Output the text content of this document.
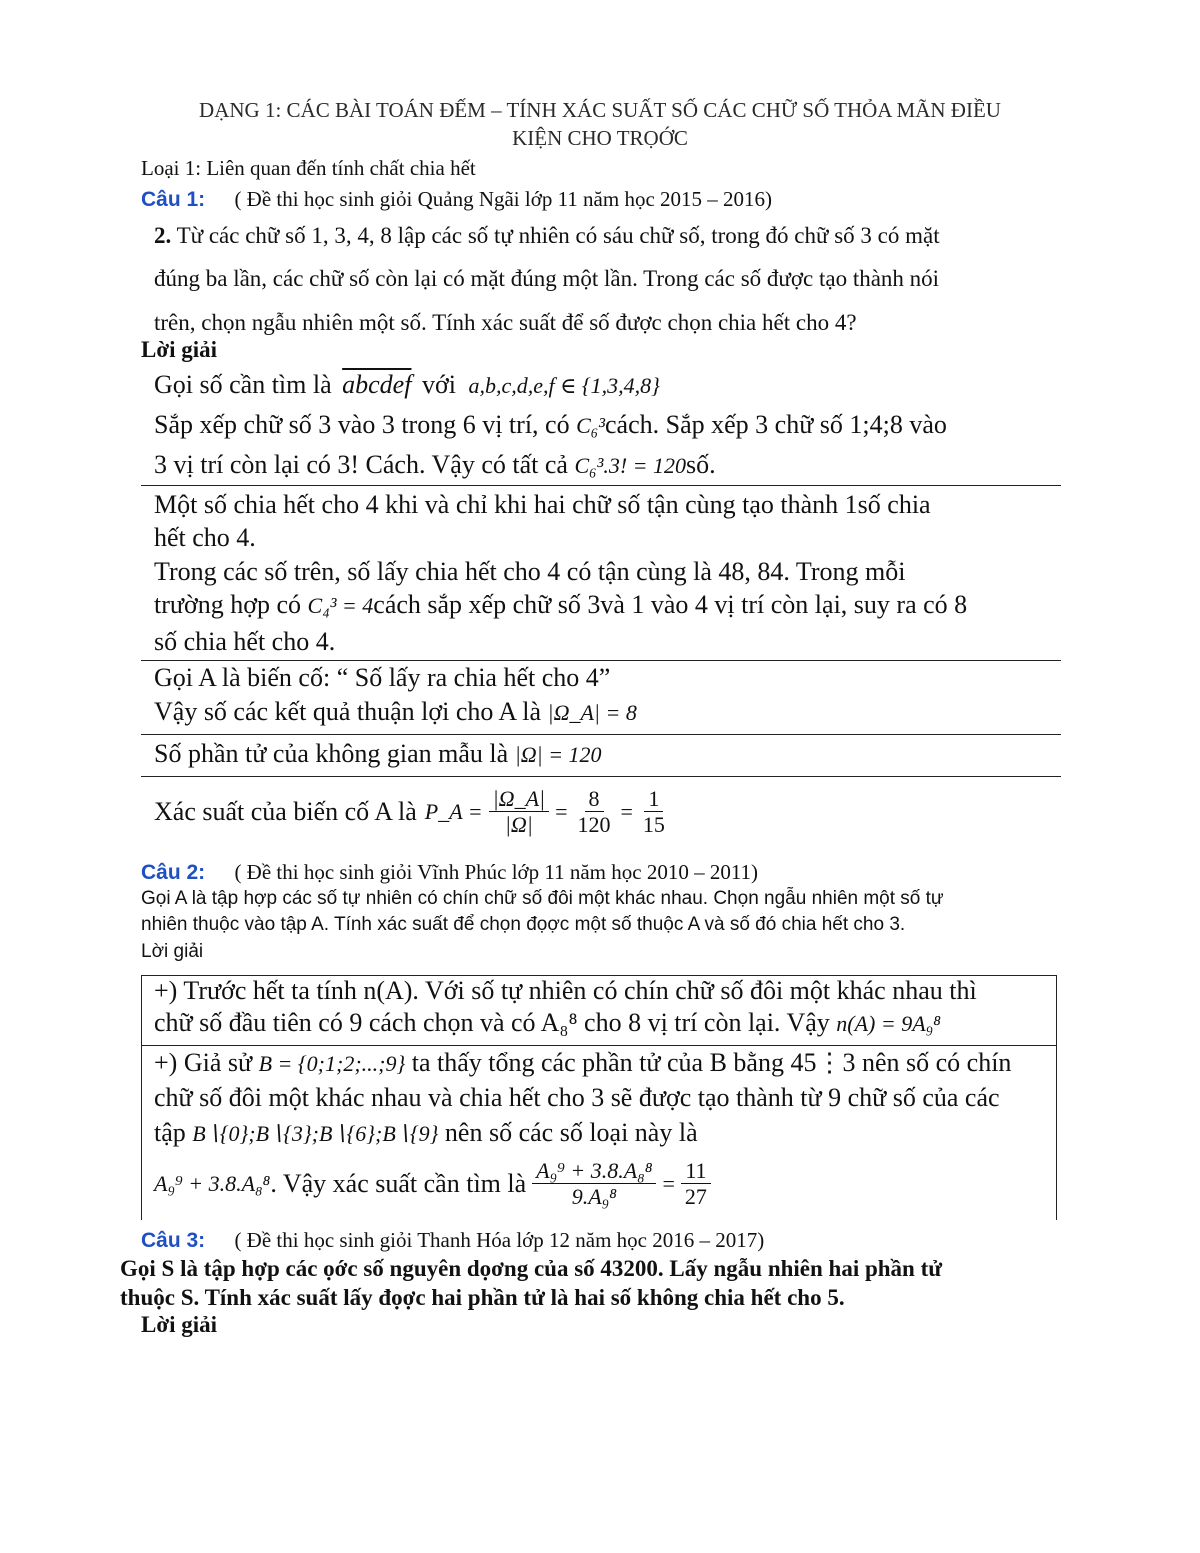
DẠNG 1: CÁC BÀI TOÁN ĐẾM – TÍNH XÁC SUẤT SỐ CÁC CHỮ SỐ THỎA MÃN ĐIỀU
KIỆN CHO TRỌỚC
Loại 1: Liên quan đến tính chất chia hết
Câu 1: ( Đề thi học sinh giỏi Quảng Ngãi lớp 11 năm học 2015 – 2016)
2. Từ các chữ số 1, 3, 4, 8 lập các số tự nhiên có sáu chữ số, trong đó chữ số 3 có mặt
đúng ba lần, các chữ số còn lại có mặt đúng một lần. Trong các số được tạo thành nói
trên, chọn ngẫu nhiên một số. Tính xác suất để số được chọn chia hết cho 4?
Lời giải
Gọi số cần tìm là abcdef với a,b,c,d,e,f ∈ {1,3,4,8}
Sắp xếp chữ số 3 vào 3 trong 6 vị trí, có C₆³cách. Sắp xếp 3 chữ số 1;4;8 vào
3 vị trí còn lại có 3! Cách. Vậy có tất cả C₆³.3! = 120số.
Một số chia hết cho 4 khi và chỉ khi hai chữ số tận cùng tạo thành 1số chia
hết cho 4.
Trong các số trên, số lấy chia hết cho 4 có tận cùng là 48, 84. Trong mỗi
trường hợp có C₄³ = 4cách sắp xếp chữ số 3và 1 vào 4 vị trí còn lại, suy ra có 8
số chia hết cho 4.
Gọi A là biến cố: “ Số lấy ra chia hết cho 4”
Vậy số các kết quả thuận lợi cho A là |Ω_A| = 8
Số phần tử của không gian mẫu là |Ω| = 120
Xác suất của biến cố A là P_A = $\frac{|\Omega\_A|}{|\Omega|} = \frac{8}{120} = \frac{1}{15}$
Câu 2: ( Đề thi học sinh giỏi Vĩnh Phúc lớp 11 năm học 2010 – 2011)
Gọi A là tập hợp các số tự nhiên có chín chữ số đôi một khác nhau. Chọn ngẫu nhiên một số tự
nhiên thuộc vào tập A. Tính xác suất để chọn đọợc một số thuộc A và số đó chia hết cho 3.
Lời giải
+) Trước hết ta tính n(A). Với số tự nhiên có chín chữ số đôi một khác nhau thì
chữ số đầu tiên có 9 cách chọn và có A₈⁸ cho 8 vị trí còn lại. Vậy n(A) = 9A₉⁸
+) Giả sử B = {0;1;2;...;9} ta thấy tổng các phần tử của B bằng 45⋮3 nên số có chín
chữ số đôi một khác nhau và chia hết cho 3 sẽ được tạo thành từ 9 chữ số của các
tập B∖{0};B∖{3};B∖{6};B∖{9} nên số các số loại này là
A₉⁹ + 3.8.A₈⁸ . Vậy xác suất cần tìm là $\frac{\text{A₉⁹ + 3.8.A₈⁸}}{\text{9.A₉⁸}} = \frac{11}{27}$
Câu 3: ( Đề thi học sinh giỏi Thanh Hóa lớp 12 năm học 2016 – 2017)
Gọi S là tập hợp các ọớc số nguyên dọơng của số 43200. Lấy ngẫu nhiên hai phần tử
thuộc S. Tính xác suất lấy đọợc hai phần tử là hai số không chia hết cho 5.
Lời giải
